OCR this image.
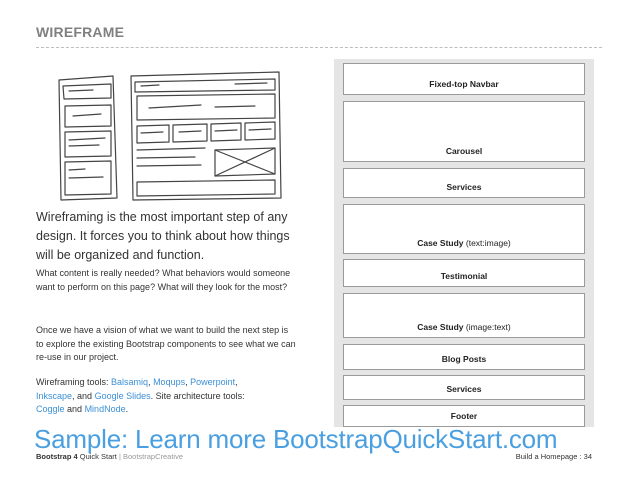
WIREFRAME
Wireframing is the most important step of any design. It forces you to think about how things will be organized and function.
What content is really needed? What behaviors would someone want to perform on this page? What will they look for the most?
Once we have a vision of what we want to build the next step is to explore the existing Bootstrap components to see what we can re-use in our project.
Wireframing tools: Balsamiq, Moqups, Powerpoint,
Inkscape, and Google Slides. Site architecture tools:
Coggle and MindNode.
Fixed-top Navbar
Carousel
Services
Case Study (text:image)
Testimonial
Case Study (image:text)
Blog Posts
Services
Footer
Sample: Learn more BootstrapQuickStart.com
Bootstrap 4 Quick Start | BootstrapCreative	Build a Homepage : 34
